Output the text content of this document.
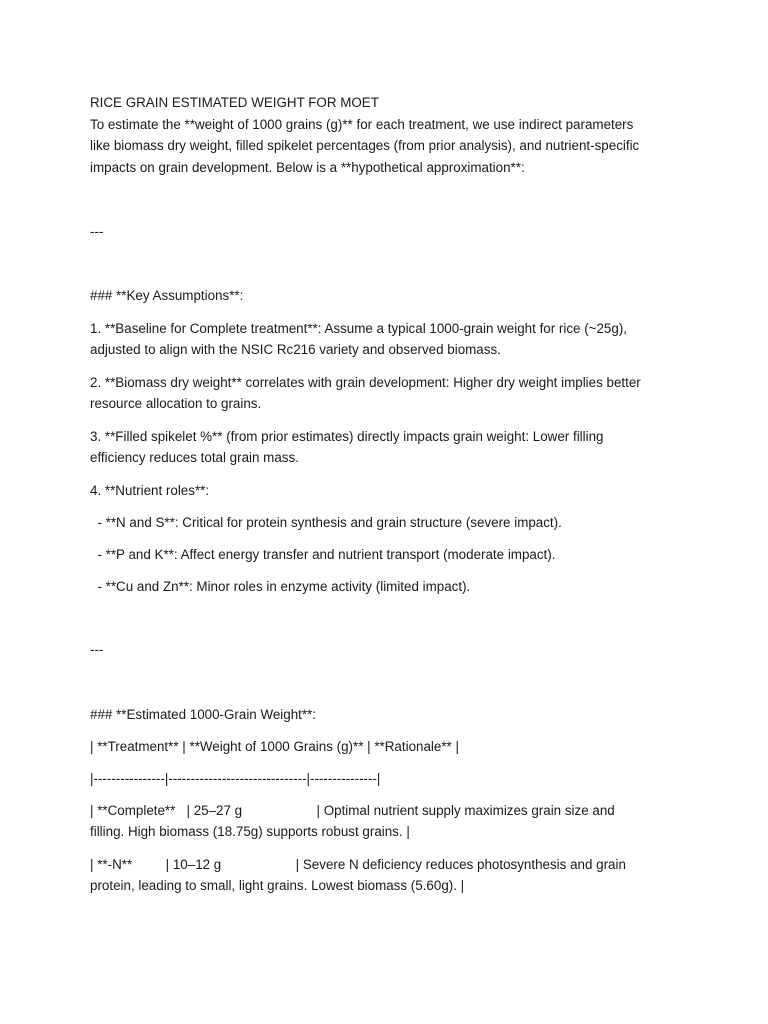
RICE GRAIN ESTIMATED WEIGHT FOR MOET

To estimate the **weight of 1000 grains (g)** for each treatment, we use indirect parameters

like biomass dry weight, filled spikelet percentages (from prior analysis), and nutrient-specific

impacts on grain development. Below is a **hypothetical approximation**:

---

### **Key Assumptions**:

1. **Baseline for Complete treatment**: Assume a typical 1000-grain weight for rice (~25g),

adjusted to align with the NSIC Rc216 variety and observed biomass.

2. **Biomass dry weight** correlates with grain development: Higher dry weight implies better

resource allocation to grains.

3. **Filled spikelet %** (from prior estimates) directly impacts grain weight: Lower filling

efficiency reduces total grain mass.

4. **Nutrient roles**:

- **N and S**: Critical for protein synthesis and grain structure (severe impact).

- **P and K**: Affect energy transfer and nutrient transport (moderate impact).

- **Cu and Zn**: Minor roles in enzyme activity (limited impact).

---

### **Estimated 1000-Grain Weight**:

| **Treatment** | **Weight of 1000 Grains (g)** | **Rationale** |

|----------------|-------------------------------|---------------|

| **Complete**   | 25–27 g                    | Optimal nutrient supply maximizes grain size and

filling. High biomass (18.75g) supports robust grains. |

| **-N**         | 10–12 g                    | Severe N deficiency reduces photosynthesis and grain

protein, leading to small, light grains. Lowest biomass (5.60g). |
